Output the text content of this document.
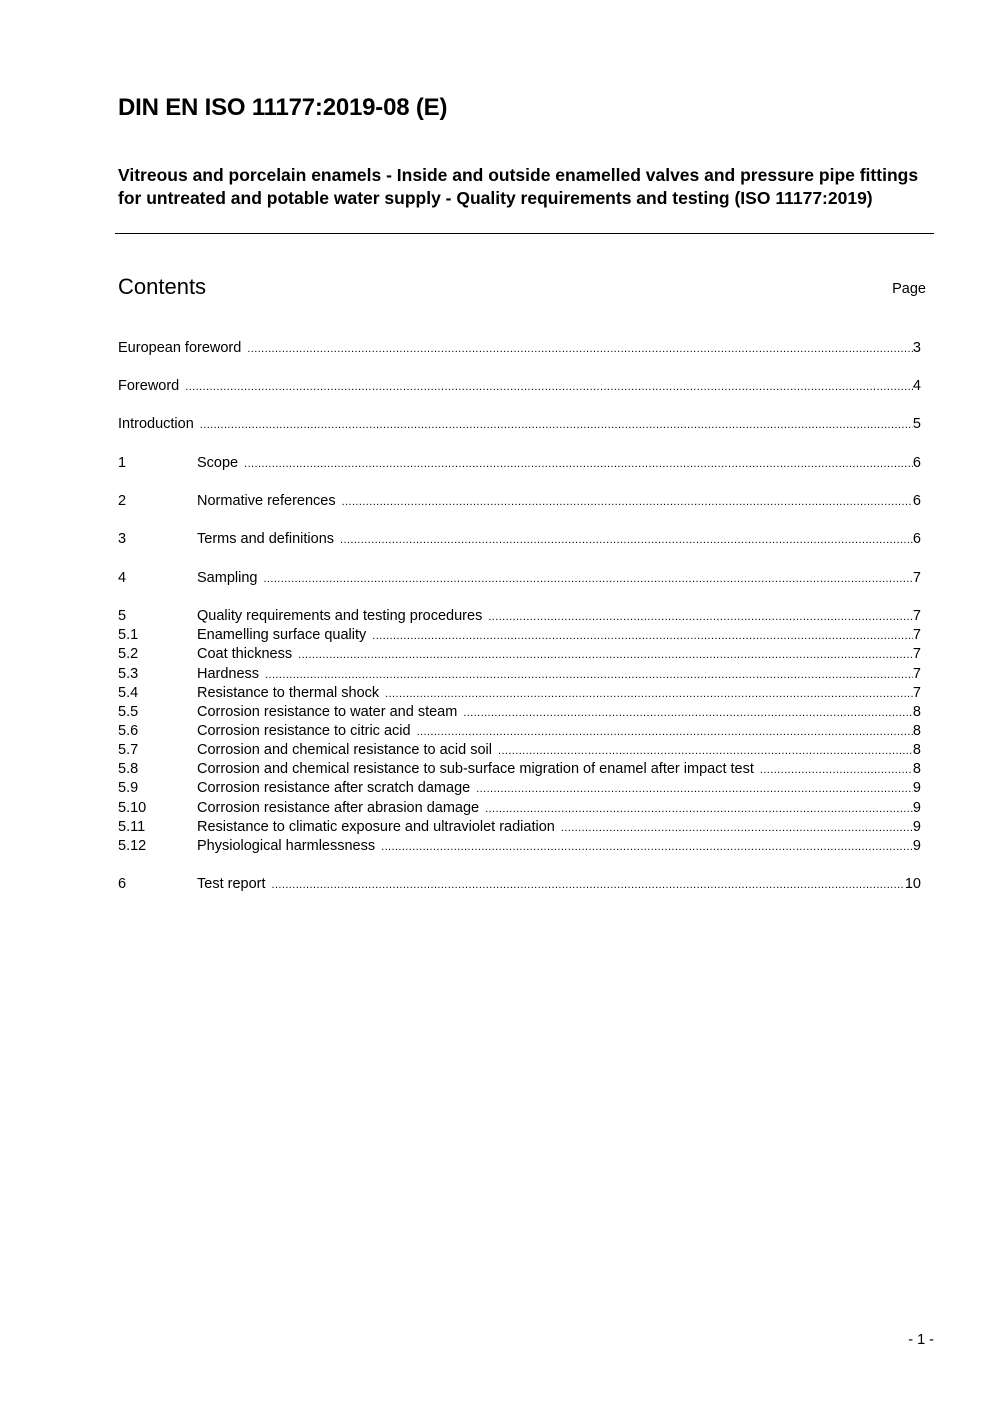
DIN EN ISO 11177:2019-08 (E)
Vitreous and porcelain enamels - Inside and outside enamelled valves and pressure pipe fittings for untreated and potable water supply - Quality requirements and testing (ISO 11177:2019)
Contents	Page
European foreword .....	3
Foreword .....	4
Introduction .....	5
1	Scope .....	6
2	Normative references .....	6
3	Terms and definitions .....	6
4	Sampling .....	7
5	Quality requirements and testing procedures .....	7
5.1	Enamelling surface quality .....	7
5.2	Coat thickness .....	7
5.3	Hardness .....	7
5.4	Resistance to thermal shock .....	7
5.5	Corrosion resistance to water and steam .....	8
5.6	Corrosion resistance to citric acid .....	8
5.7	Corrosion and chemical resistance to acid soil .....	8
5.8	Corrosion and chemical resistance to sub-surface migration of enamel after impact test .....	8
5.9	Corrosion resistance after scratch damage .....	9
5.10	Corrosion resistance after abrasion damage .....	9
5.11	Resistance to climatic exposure and ultraviolet radiation .....	9
5.12	Physiological harmlessness .....	9
6	Test report .....	10
- 1 -
